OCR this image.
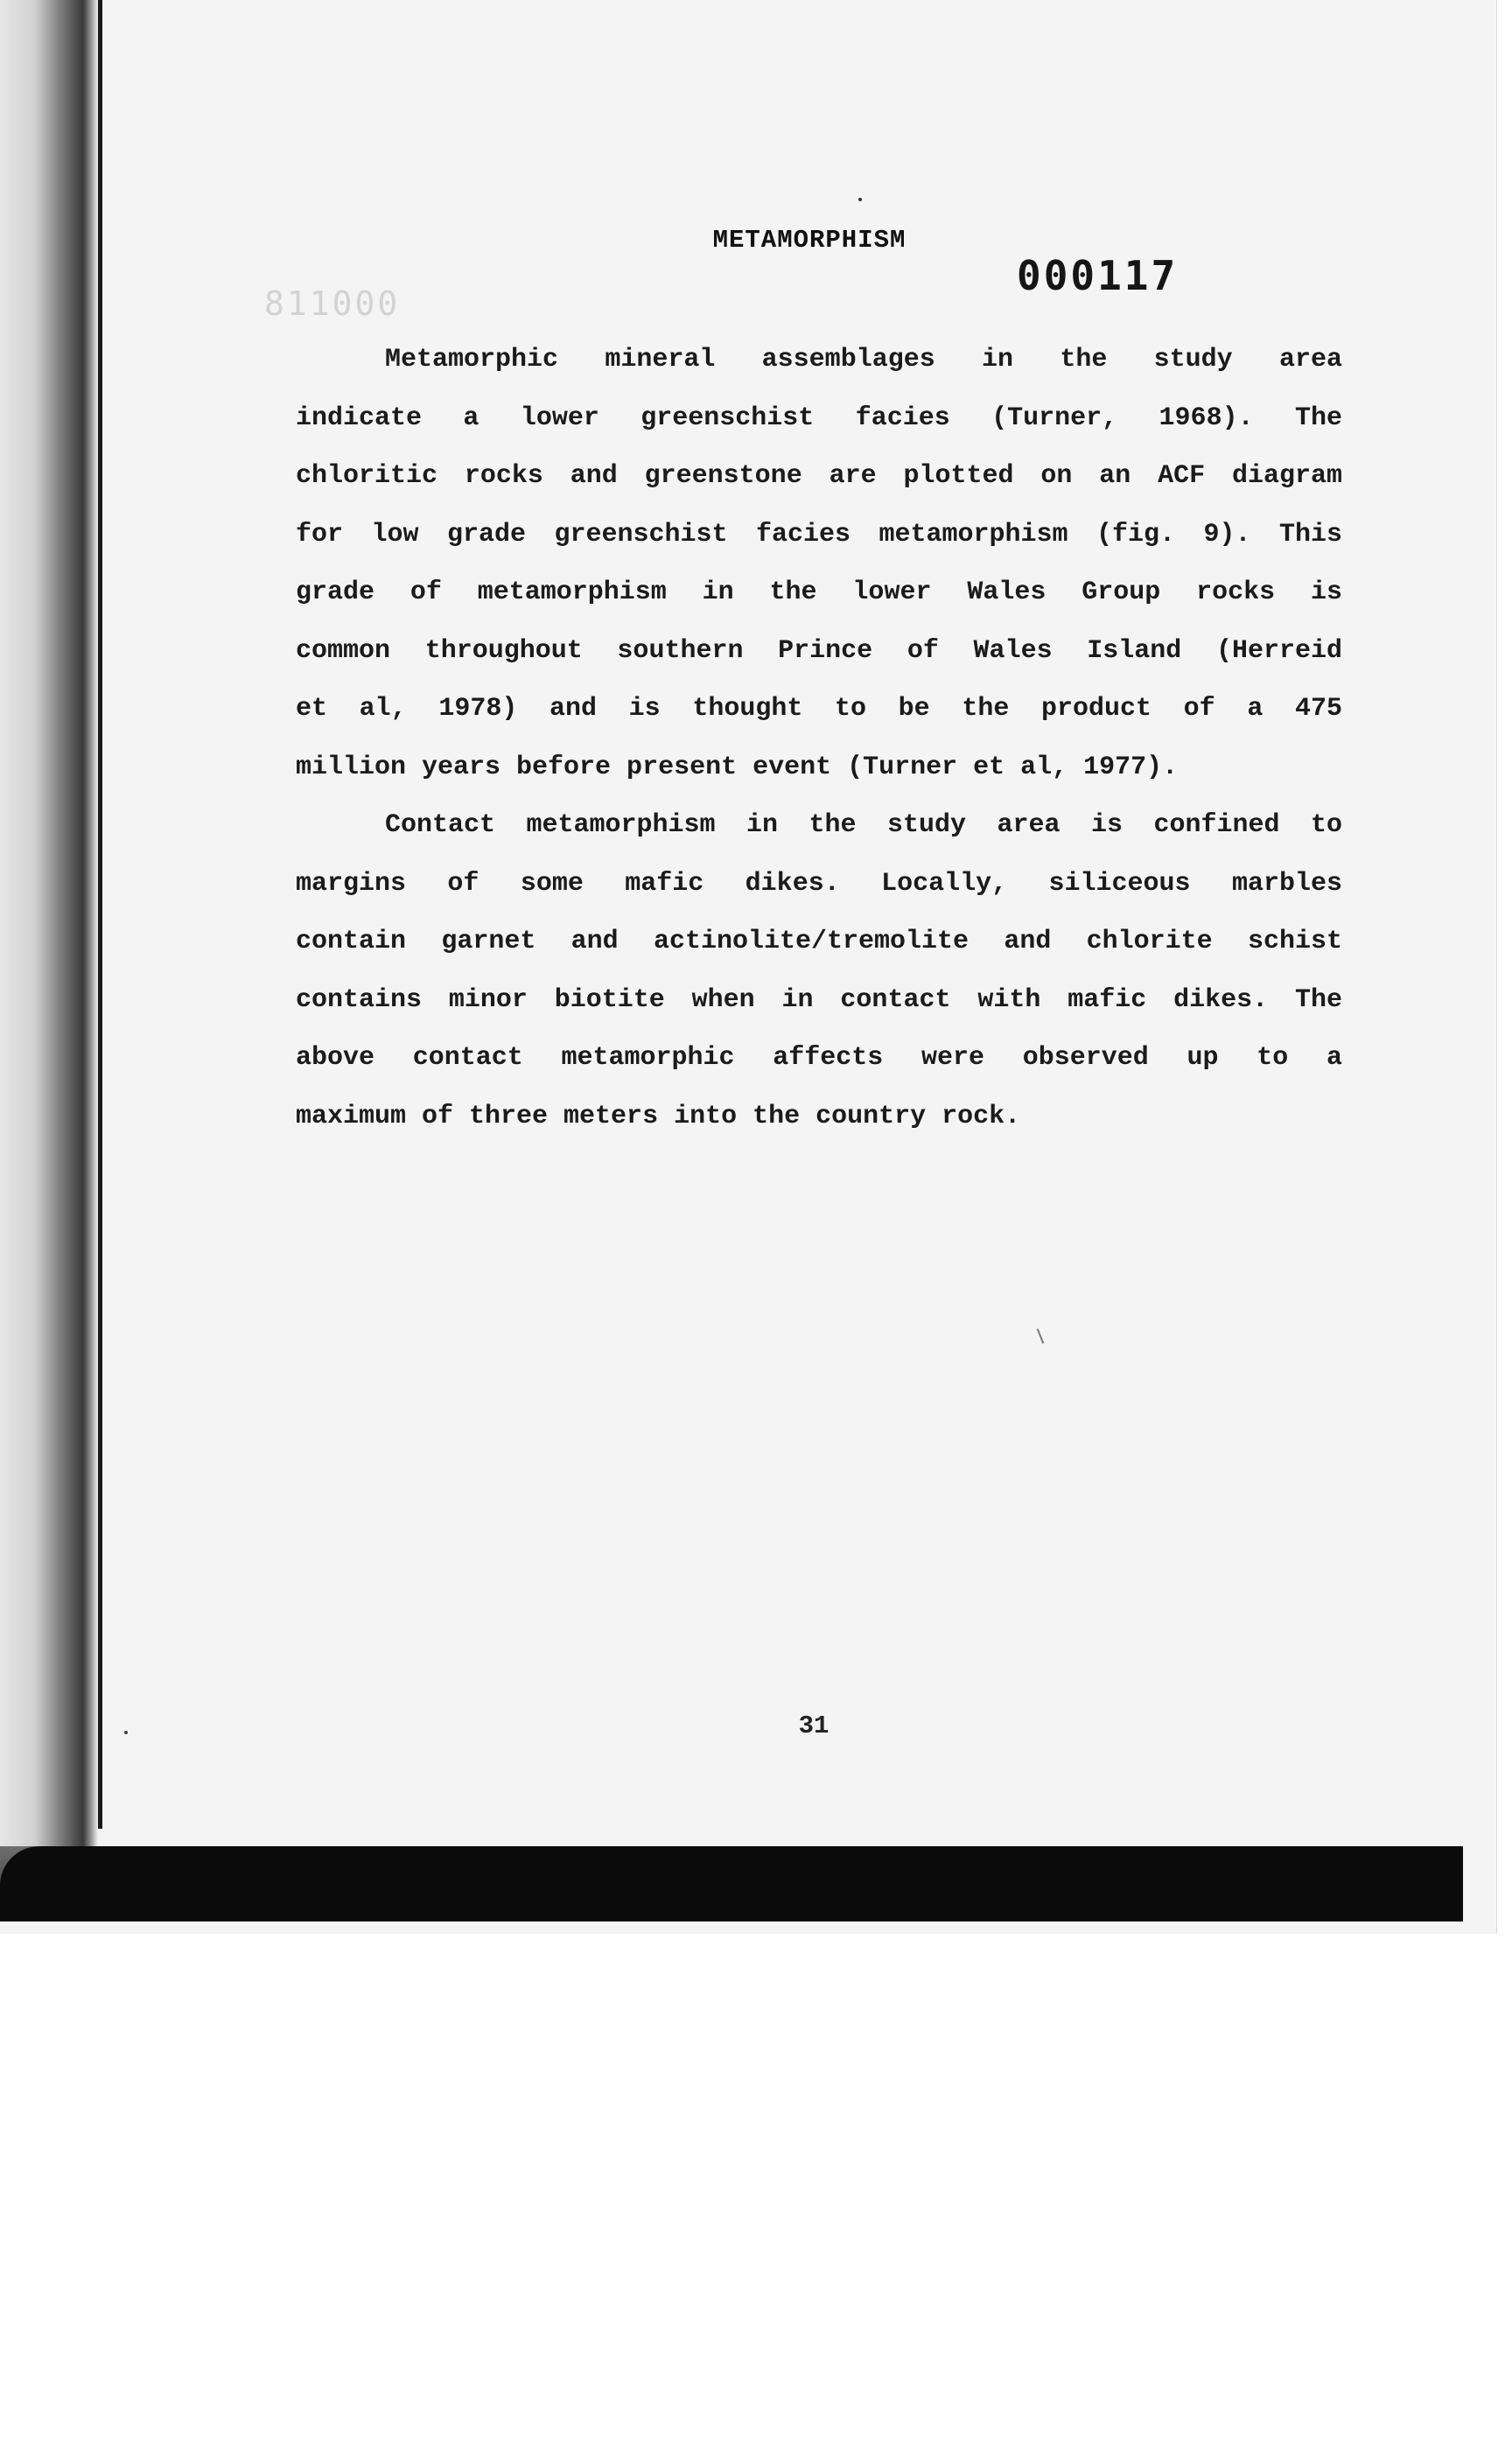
METAMORPHISM
000117
811000
Metamorphic mineral assemblages in the study area
indicate a lower greenschist facies (Turner, 1968). The
chloritic rocks and greenstone are plotted on an ACF diagram
for low grade greenschist facies metamorphism (fig. 9). This
grade of metamorphism in the lower Wales Group rocks is
common throughout southern Prince of Wales Island (Herreid
et al, 1978) and is thought to be the product of a 475
million years before present event (Turner et al, 1977).
Contact metamorphism in the study area is confined to
margins of some mafic dikes. Locally, siliceous marbles
contain garnet and actinolite/tremolite and chlorite schist
contains minor biotite when in contact with mafic dikes. The
above contact metamorphic affects were observed up to a
maximum of three meters into the country rock.
31
